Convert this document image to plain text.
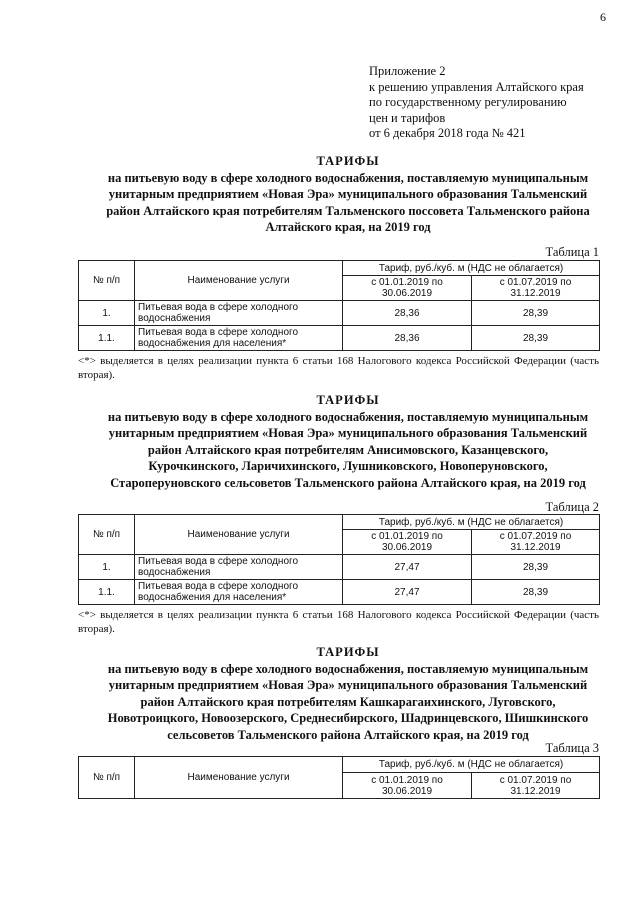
6
Приложение 2
к решению управления Алтайского края
по государственному регулированию
цен и тарифов
от 6 декабря 2018 года № 421
ТАРИФЫ
на питьевую воду в сфере холодного водоснабжения, поставляемую муниципальным
унитарным предприятием «Новая Эра» муниципального образования Тальменский
район Алтайского края потребителям Тальменского поссовета Тальменского района
Алтайского края, на 2019 год
Таблица 1
№ п/п	Наименование услуги	Тариф, руб./куб. м (НДС не облагается)	
		с 01.01.2019 по 30.06.2019	с 01.07.2019 по 31.12.2019
1.	Питьевая вода в сфере холодного водоснабжения	28,36	28,39
1.1.	Питьевая вода в сфере холодного водоснабжения для населения*	28,36	28,39
<*> выделяется в целях реализации пункта 6 статьи 168 Налогового кодекса Российской Федерации (часть вторая).
ТАРИФЫ
на питьевую воду в сфере холодного водоснабжения, поставляемую муниципальным
унитарным предприятием «Новая Эра» муниципального образования Тальменский
район Алтайского края потребителям Анисимовского, Казанцевского,
Курочкинского, Ларичихинского, Лушниковского, Новоперуновского,
Староперуновского сельсоветов Тальменского района Алтайского края, на 2019 год
Таблица 2
№ п/п	Наименование услуги	Тариф, руб./куб. м (НДС не облагается)	
		с 01.01.2019 по 30.06.2019	с 01.07.2019 по 31.12.2019
1.	Питьевая вода в сфере холодного водоснабжения	27,47	28,39
1.1.	Питьевая вода в сфере холодного водоснабжения для населения*	27,47	28,39
<*> выделяется в целях реализации пункта 6 статьи 168 Налогового кодекса Российской Федерации (часть вторая).
ТАРИФЫ
на питьевую воду в сфере холодного водоснабжения, поставляемую муниципальным
унитарным предприятием «Новая Эра» муниципального образования Тальменский
район Алтайского края потребителям Кашкарагаихинского, Луговского,
Новотроицкого, Новоозерского, Среднесибирского, Шадринцевского, Шишкинского
сельсоветов Тальменского района Алтайского края, на 2019 год
Таблица 3
№ п/п	Наименование услуги	Тариф, руб./куб. м (НДС не облагается)	
		с 01.01.2019 по 30.06.2019	с 01.07.2019 по 31.12.2019
